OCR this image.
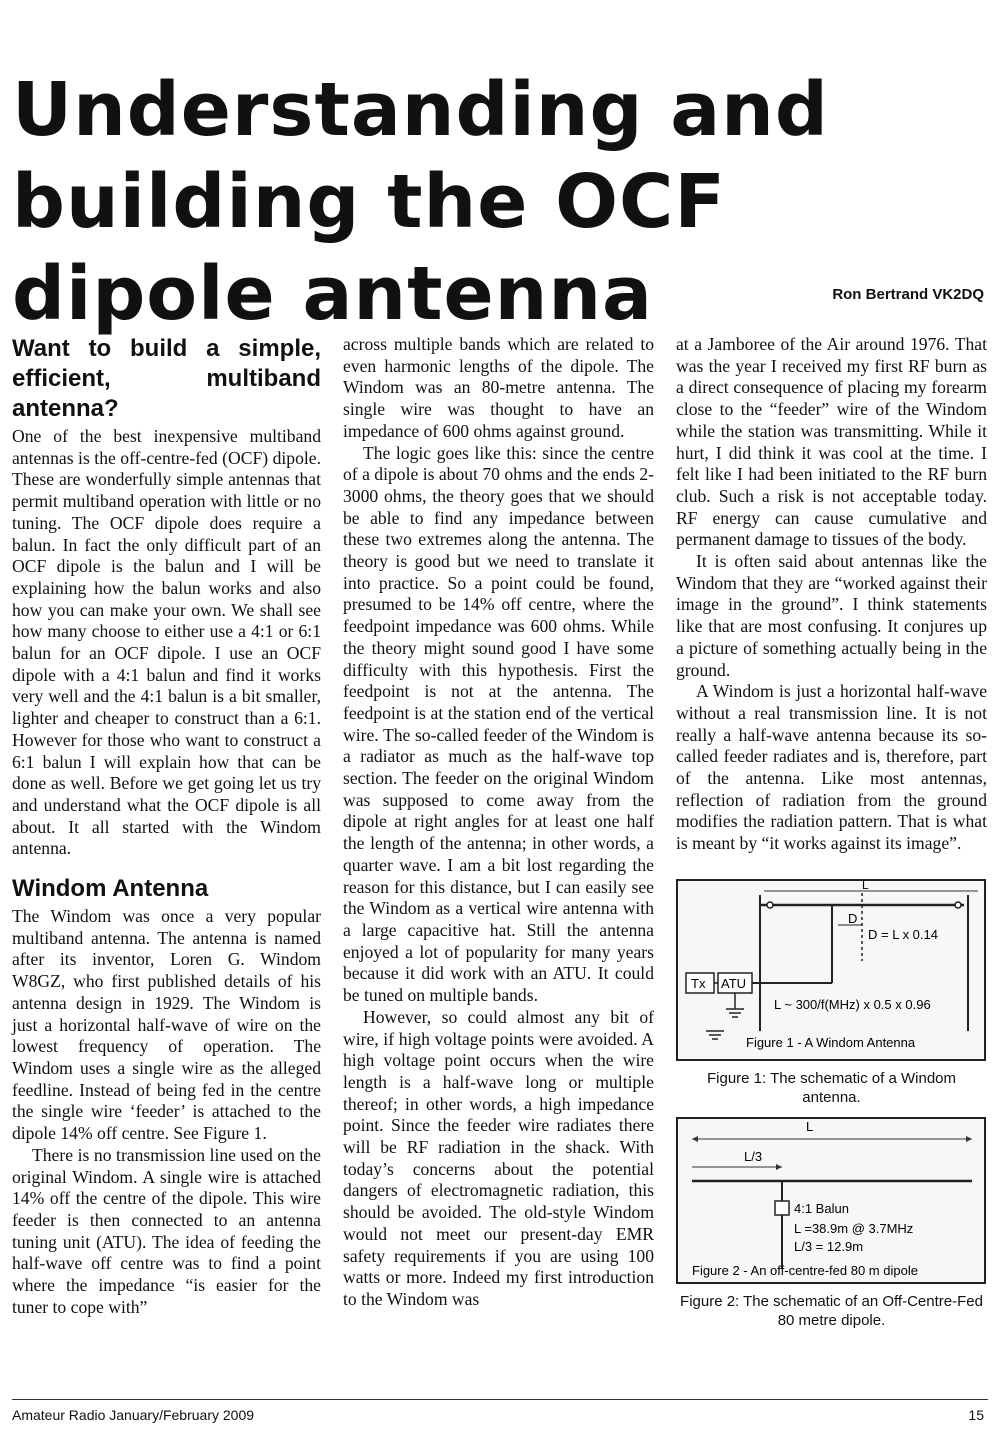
Understanding and building the OCF dipole antenna	Ron Bertrand VK2DQ
Want to build a simple, efficient, multiband antenna?

One of the best inexpensive multiband antennas is the off-centre-fed (OCF) dipole. These are wonderfully simple antennas that permit multiband operation with little or no tuning. The OCF dipole does require a balun. In fact the only difficult part of an OCF dipole is the balun and I will be explaining how the balun works and also how you can make your own. We shall see how many choose to either use a 4:1 or 6:1 balun for an OCF dipole. I use an OCF dipole with a 4:1 balun and find it works very well and the 4:1 balun is a bit smaller, lighter and cheaper to construct than a 6:1. However for those who want to construct a 6:1 balun I will explain how that can be done as well. Before we get going let us try and understand what the OCF dipole is all about. It all started with the Windom antenna.

Windom Antenna

The Windom was once a very popular multiband antenna. The antenna is named after its inventor, Loren G. Windom W8GZ, who first published details of his antenna design in 1929. The Windom is just a horizontal half-wave of wire on the lowest frequency of operation. The Windom uses a single wire as the alleged feedline. Instead of being fed in the centre the single wire ‘feeder’ is attached to the dipole 14% off centre. See Figure 1.

There is no transmission line used on the original Windom. A single wire is attached 14% off the centre of the dipole. This wire feeder is then connected to an antenna tuning unit (ATU). The idea of feeding the half-wave off centre was to find a point where the impedance “is easier for the tuner to cope with”

across multiple bands which are related to even harmonic lengths of the dipole. The Windom was an 80-metre antenna. The single wire was thought to have an impedance of 600 ohms against ground.

The logic goes like this: since the centre of a dipole is about 70 ohms and the ends 2-3000 ohms, the theory goes that we should be able to find any impedance between these two extremes along the antenna. The theory is good but we need to translate it into practice. So a point could be found, presumed to be 14% off centre, where the feedpoint impedance was 600 ohms. While the theory might sound good I have some difficulty with this hypothesis. First the feedpoint is not at the antenna. The feedpoint is at the station end of the vertical wire. The so-called feeder of the Windom is a radiator as much as the half-wave top section. The feeder on the original Windom was supposed to come away from the dipole at right angles for at least one half the length of the antenna; in other words, a quarter wave. I am a bit lost regarding the reason for this distance, but I can easily see the Windom as a vertical wire antenna with a large capacitive hat. Still the antenna enjoyed a lot of popularity for many years because it did work with an ATU. It could be tuned on multiple bands.

However, so could almost any bit of wire, if high voltage points were avoided. A high voltage point occurs when the wire length is a half-wave long or multiple thereof; in other words, a high impedance point. Since the feeder wire radiates there will be RF radiation in the shack. With today’s concerns about the potential dangers of electromagnetic radiation, this should be avoided. The old-style Windom would not meet our present-day EMR safety requirements if you are using 100 watts or more. Indeed my first introduction to the Windom was

at a Jamboree of the Air around 1976. That was the year I received my first RF burn as a direct consequence of placing my forearm close to the “feeder” wire of the Windom while the station was transmitting. While it hurt, I did think it was cool at the time. I felt like I had been initiated to the RF burn club. Such a risk is not acceptable today. RF energy can cause cumulative and permanent damage to tissues of the body.

It is often said about antennas like the Windom that they are “worked against their image in the ground”. I think statements like that are most confusing. It conjures up a picture of something actually being in the ground.

A Windom is just a horizontal half-wave without a real transmission line. It is not really a half-wave antenna because its so-called feeder radiates and is, therefore, part of the antenna. Like most antennas, reflection of radiation from the ground modifies the radiation pattern. That is what is meant by “it works against its image”.

L
D
D = L x 0.14
Tx ATU
L ~ 300/f(MHz) x 0.5 x 0.96
Figure 1 - A Windom Antenna
Figure 1: The schematic of a Windom antenna.
L
L/3
4:1 Balun
L =38.9m @ 3.7MHz
L/3 = 12.9m
Figure 2 - An off-centre-fed 80 m dipole
Figure 2: The schematic of an Off-Centre-Fed 80 metre dipole.
Amateur Radio January/February 2009	15
